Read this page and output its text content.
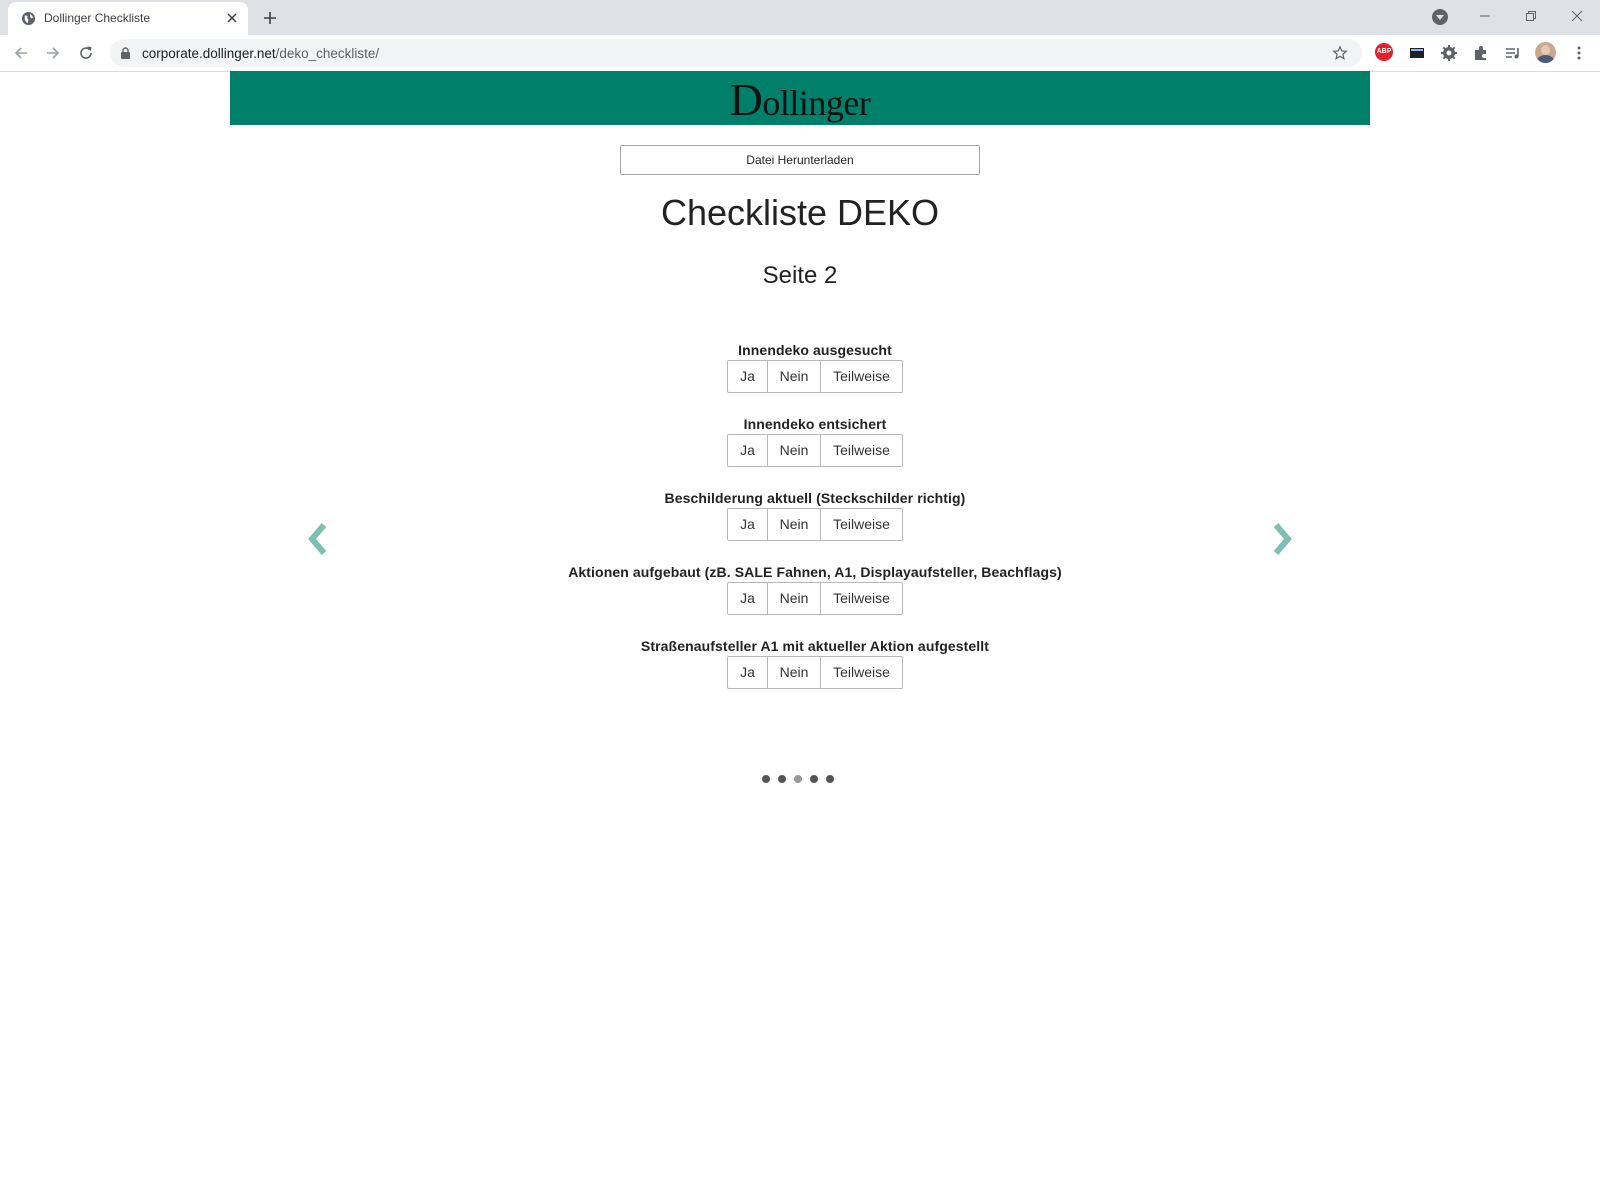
Dollinger Checkliste
corporate.dollinger.net/deko_checkliste/	ABP
Dollinger
Datei Herunterladen
Checkliste DEKO
Seite 2
Innendeko ausgesucht
Ja	Nein	Teilweise
Innendeko entsichert
Ja	Nein	Teilweise
Beschilderung aktuell (Steckschilder richtig)
Ja	Nein	Teilweise
Aktionen aufgebaut (zB. SALE Fahnen, A1, Displayaufsteller, Beachflags)
Ja	Nein	Teilweise
Straßenaufsteller A1 mit aktueller Aktion aufgestellt
Ja	Nein	Teilweise
